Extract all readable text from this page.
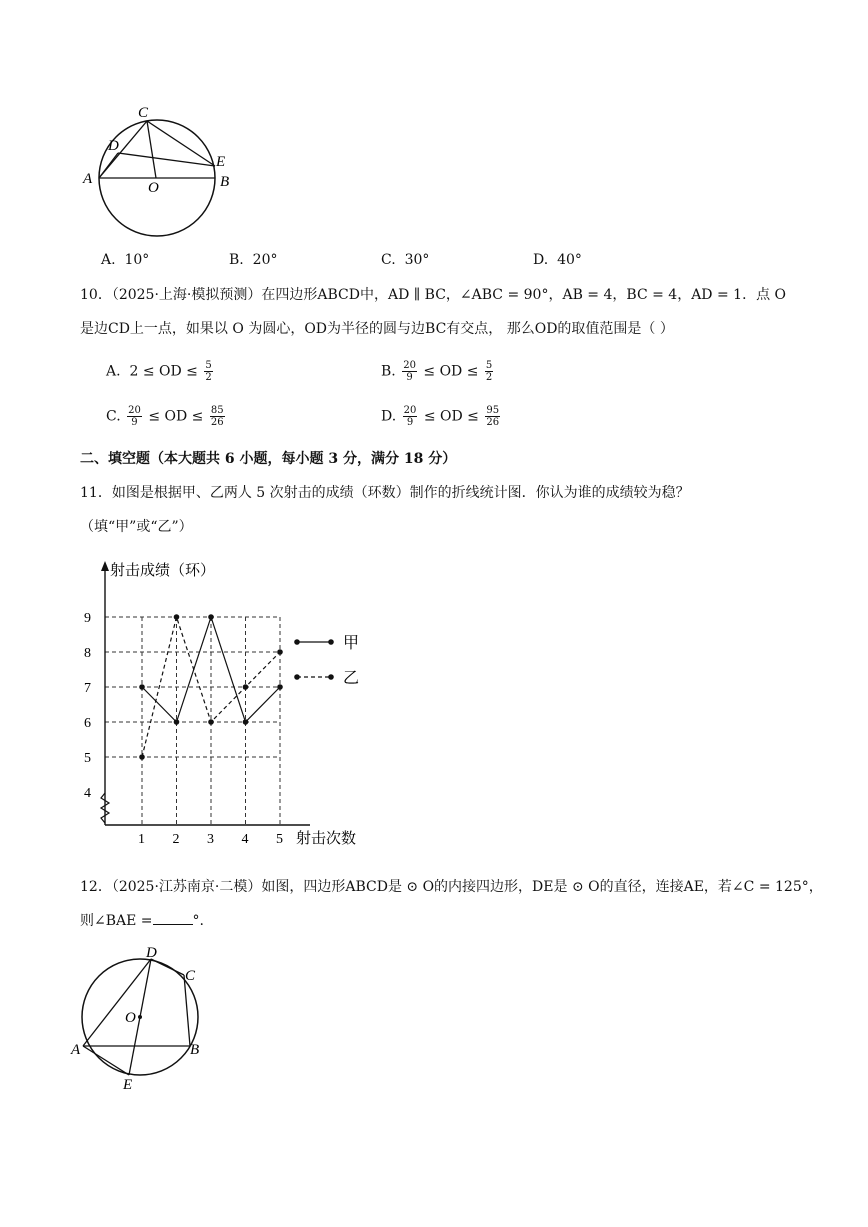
C
D
E
A	B
O
A. 10°	B. 20°	C. 30°	D. 40°
10．（2025·上海·模拟预测）在四边形ABCD中，AD ∥ BC，∠ABC = 90°，AB = 4，BC = 4，AD = 1．点 O
是边CD上一点，如果以 O 为圆心，OD为半径的圆与边BC有交点， 那么OD的取值范围是（ ）
A. 2 ≤ OD ≤ $\frac{5}{2}$	B. $\frac{20}{9}$ ≤ OD ≤ $\frac{5}{2}$
C. $\frac{20}{9}$ ≤ OD ≤ $\frac{85}{26}$	D. $\frac{20}{9}$ ≤ OD ≤ $\frac{95}{26}$
二、填空题（本大题共 6 小题，每小题 3 分，满分 18 分）
11．如图是根据甲、乙两人 5 次射击的成绩（环数）制作的折线统计图．你认为谁的成绩较为稳？
（填“甲”或“乙”）
4
5
6
7
8
9
1 2 3 4 5
射击成绩（环）
射击次数
甲
乙
12．（2025·江苏南京·二模）如图，四边形ABCD是 ⊙ O的内接四边形，DE是 ⊙ O的直径，连接AE，若∠C = 125°，
则∠BAE =	°.
D
C
O
A	B
E
